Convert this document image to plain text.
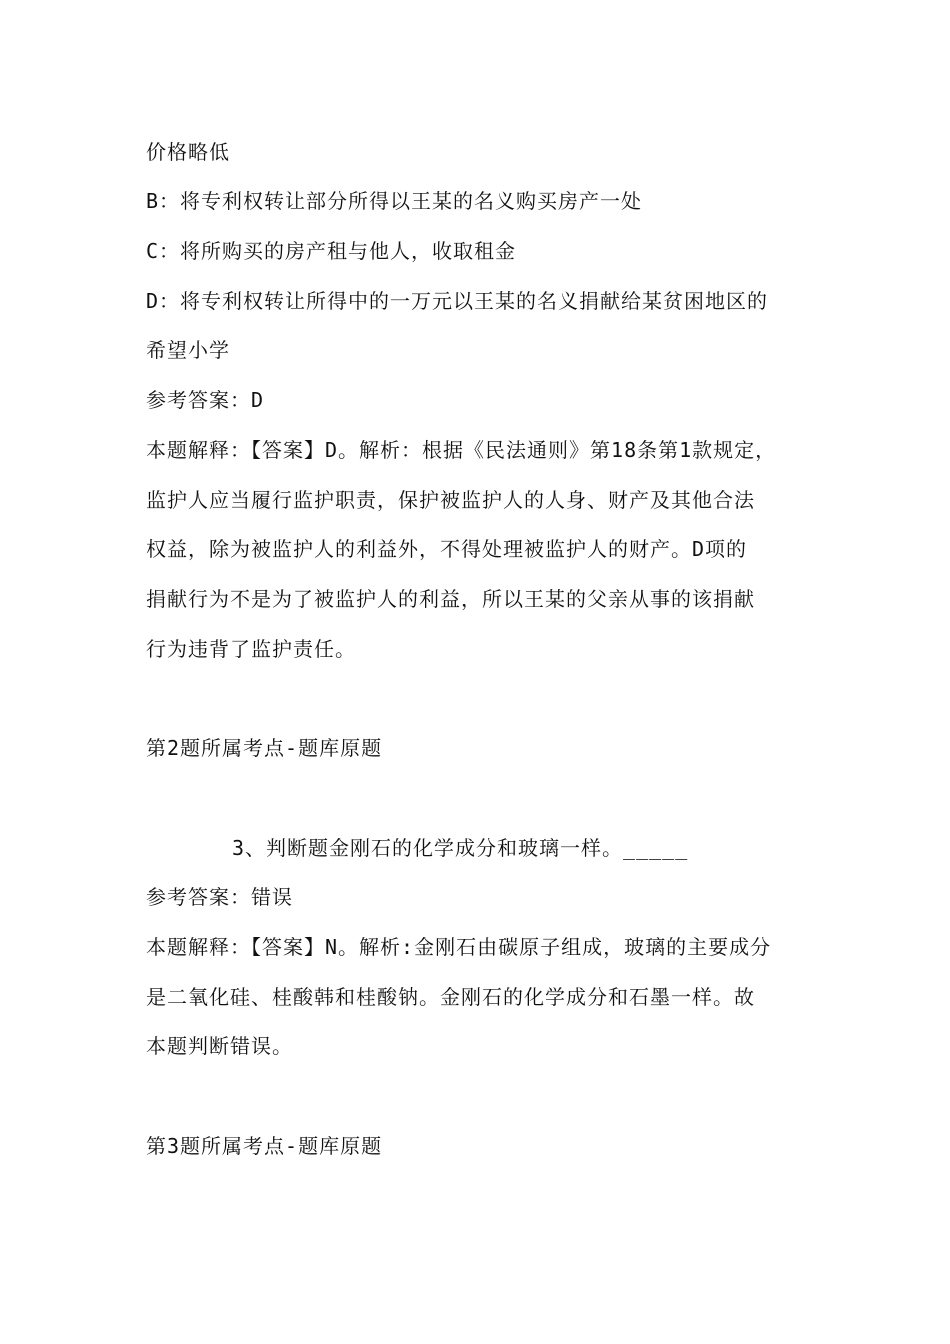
价格略低
B：将专利权转让部分所得以王某的名义购买房产一处
C：将所购买的房产租与他人，收取租金
D：将专利权转让所得中的一万元以王某的名义捐献给某贫困地区的
希望小学
参考答案：D
本题解释：【答案】D。解析：根据《民法通则》第18条第1款规定，
监护人应当履行监护职责，保护被监护人的人身、财产及其他合法
权益，除为被监护人的利益外，不得处理被监护人的财产。D项的
捐献行为不是为了被监护人的利益，所以王某的父亲从事的该捐献
行为违背了监护责任。
第2题所属考点-题库原题
3、判断题金刚石的化学成分和玻璃一样。_____
参考答案：错误
本题解释：【答案】N。解析:金刚石由碳原子组成，玻璃的主要成分
是二氧化硅、桂酸韩和桂酸钠。金刚石的化学成分和石墨一样。故
本题判断错误。
第3题所属考点-题库原题
